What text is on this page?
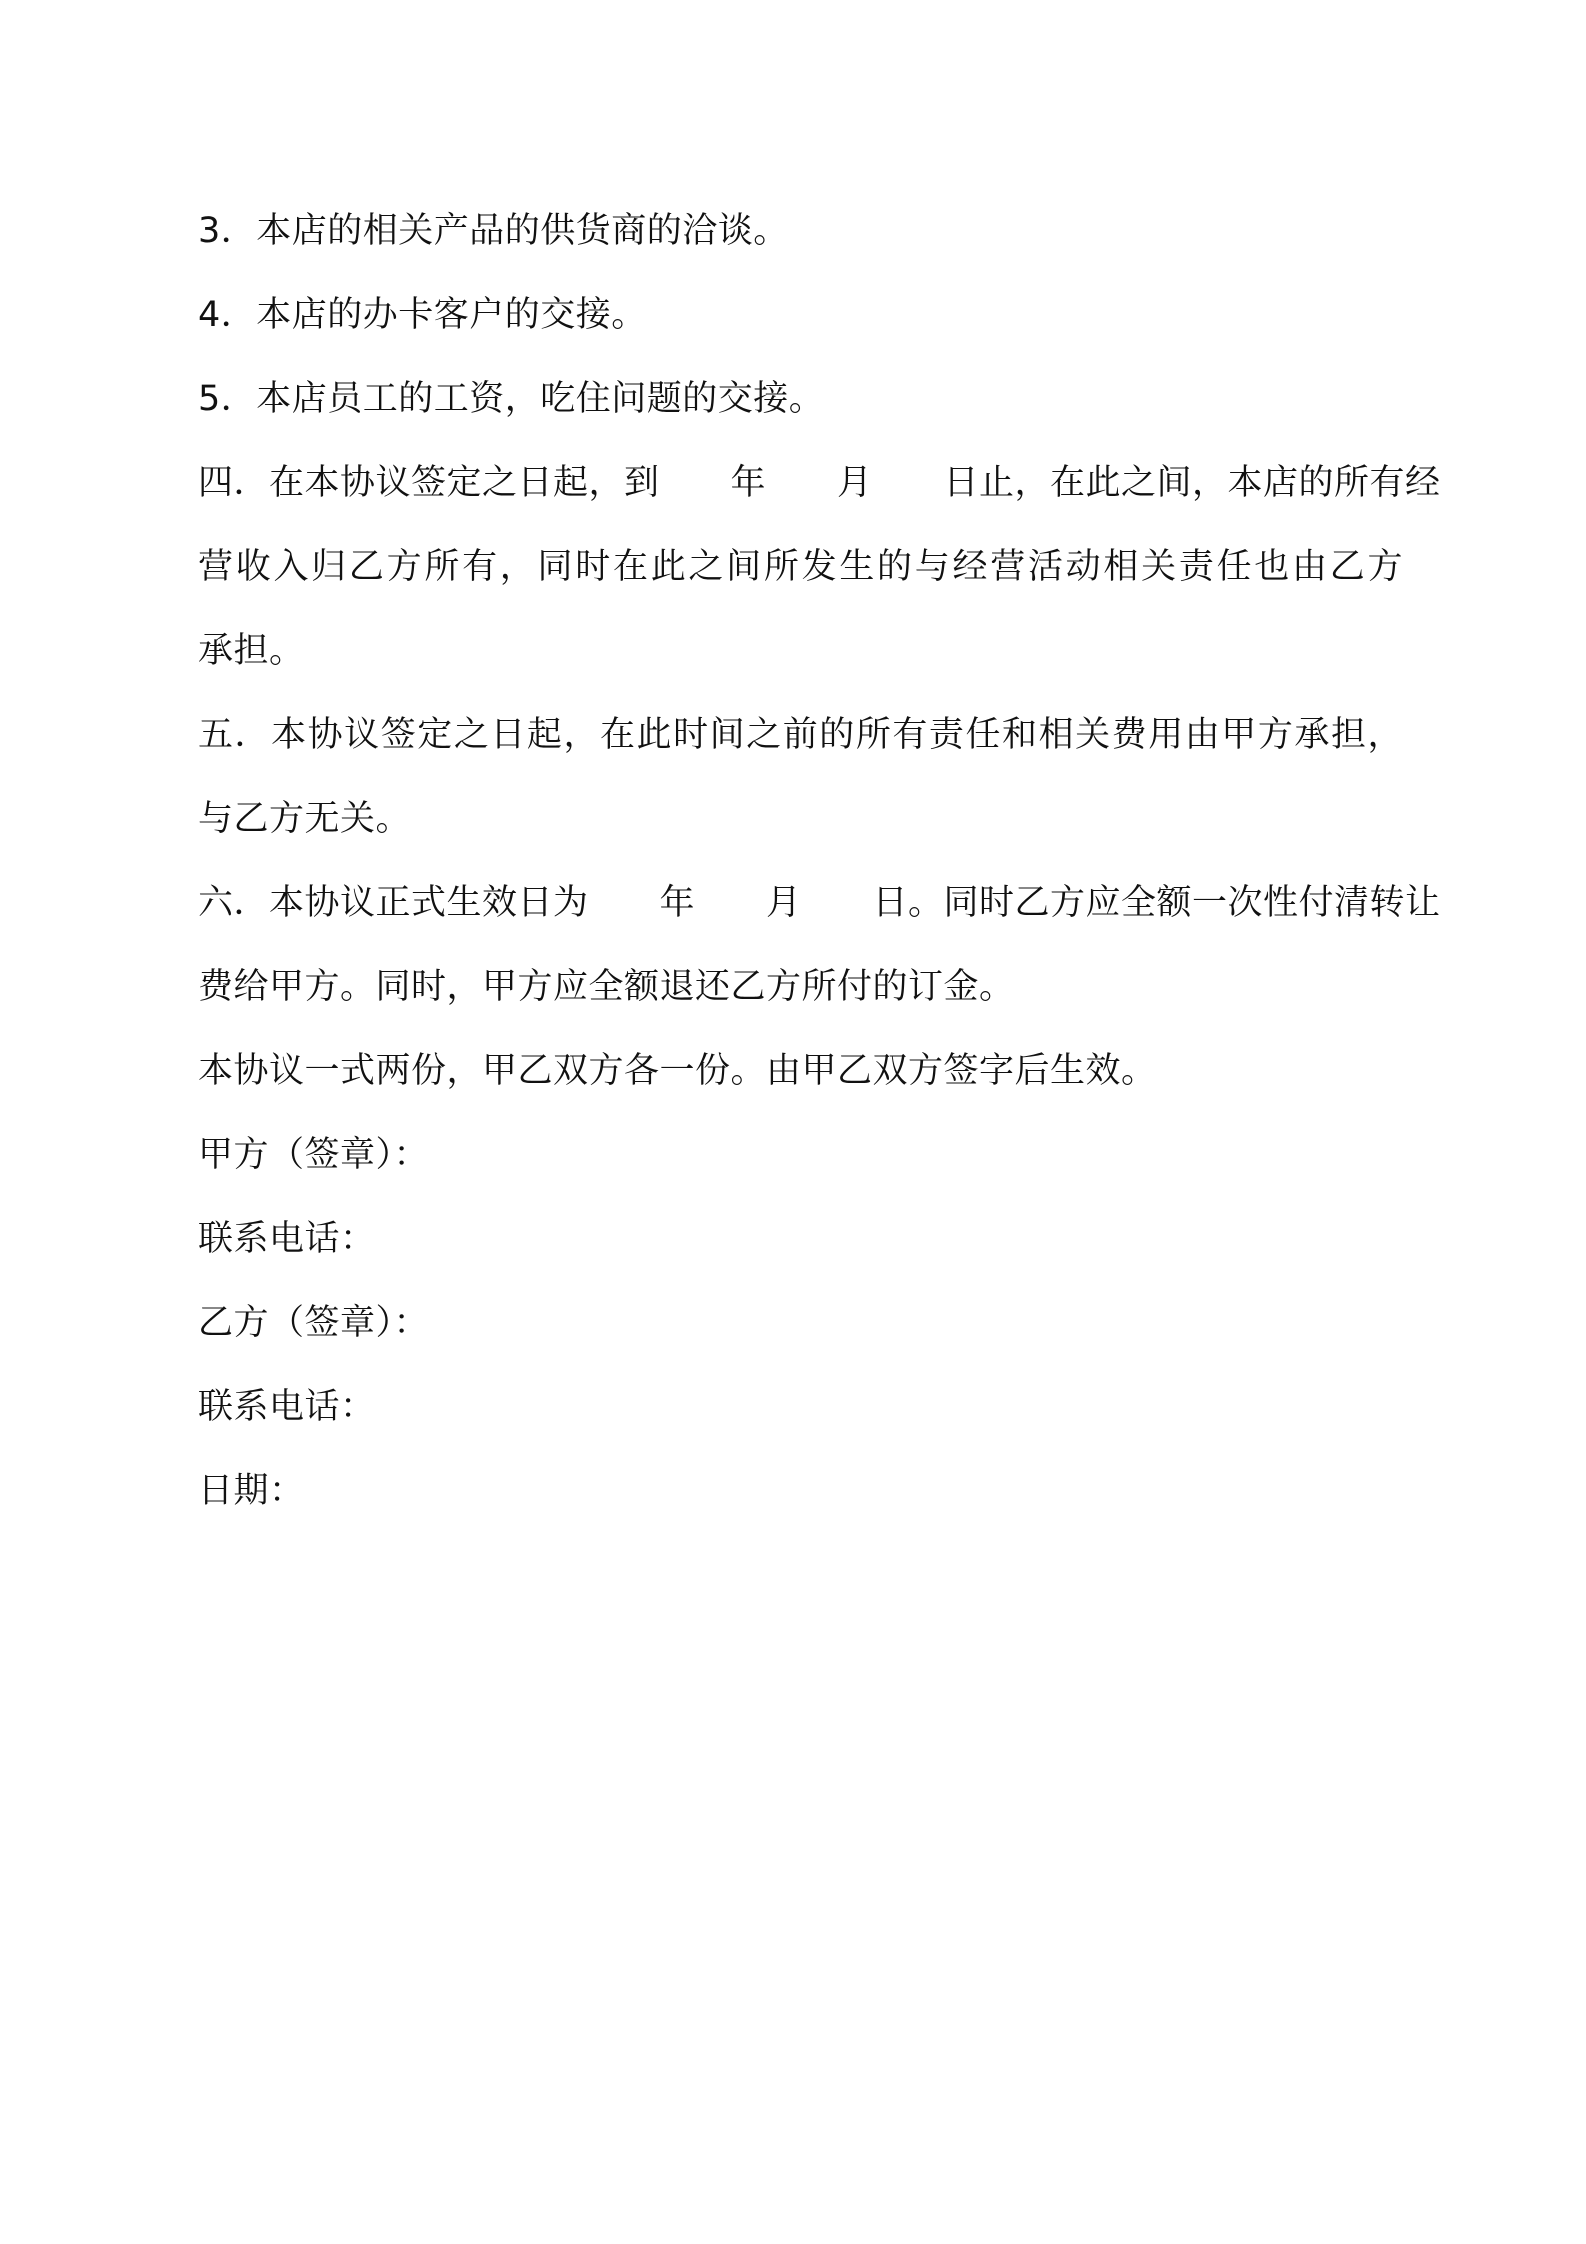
3．本店的相关产品的供货商的洽谈。

4．本店的办卡客户的交接。

5．本店员工的工资，吃住问题的交接。

四．在本协议签定之日起，到　　年　　月　　日止，在此之间，本店的所有经

营收入归乙方所有，同时在此之间所发生的与经营活动相关责任也由乙方

承担。

五．本协议签定之日起，在此时间之前的所有责任和相关费用由甲方承担，

与乙方无关。

六．本协议正式生效日为　　年　　月　　日。同时乙方应全额一次性付清转让

费给甲方。同时，甲方应全额退还乙方所付的订金。

本协议一式两份，甲乙双方各一份。由甲乙双方签字后生效。

甲方（签章）：

联系电话：

乙方（签章）：

联系电话：

日期：
